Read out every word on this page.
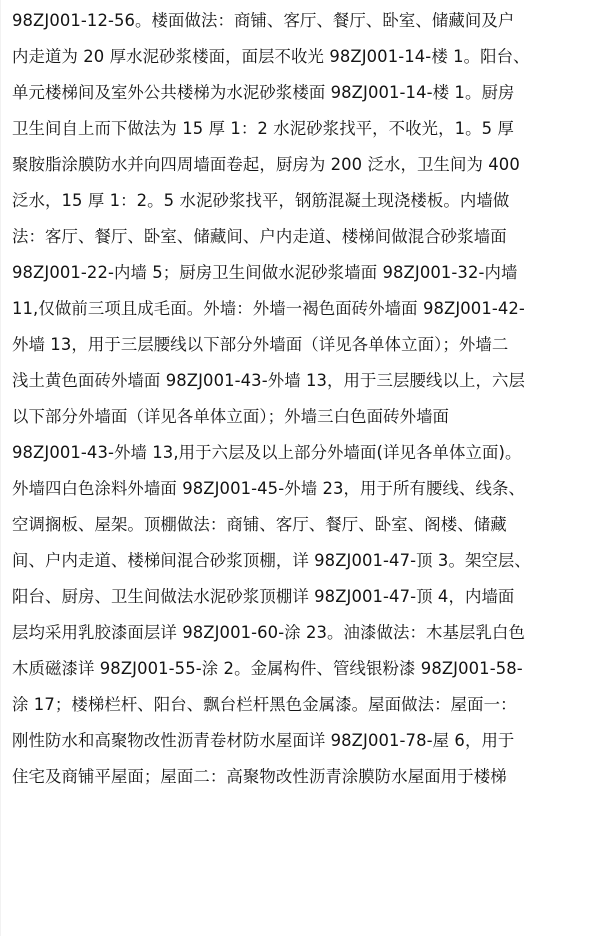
98ZJ001-12-56。楼面做法：商铺、客厅、餐厅、卧室、储藏间及户
内走道为 20 厚水泥砂浆楼面，面层不收光 98ZJ001-14-楼 1。阳台、
单元楼梯间及室外公共楼梯为水泥砂浆楼面 98ZJ001-14-楼 1。厨房
卫生间自上而下做法为 15 厚 1：2 水泥砂浆找平，不收光，1。5 厚
聚胺脂涂膜防水并向四周墙面卷起，厨房为 200 泛水，卫生间为 400
泛水，15 厚 1：2。5 水泥砂浆找平，钢筋混凝土现浇楼板。内墙做
法：客厅、餐厅、卧室、储藏间、户内走道、楼梯间做混合砂浆墙面
98ZJ001-22-内墙 5；厨房卫生间做水泥砂浆墙面 98ZJ001-32-内墙
11,仅做前三项且成毛面。外墙：外墙一褐色面砖外墙面 98ZJ001-42-
外墙 13，用于三层腰线以下部分外墙面（详见各单体立面）；外墙二
浅土黄色面砖外墙面 98ZJ001-43-外墙 13，用于三层腰线以上，六层
以下部分外墙面（详见各单体立面）；外墙三白色面砖外墙面
98ZJ001-43-外墙 13,用于六层及以上部分外墙面(详见各单体立面)。
外墙四白色涂料外墙面 98ZJ001-45-外墙 23，用于所有腰线、线条、
空调搁板、屋架。顶棚做法：商铺、客厅、餐厅、卧室、阁楼、储藏
间、户内走道、楼梯间混合砂浆顶棚，详 98ZJ001-47-顶 3。架空层、
阳台、厨房、卫生间做法水泥砂浆顶棚详 98ZJ001-47-顶 4，内墙面
层均采用乳胶漆面层详 98ZJ001-60-涂 23。油漆做法：木基层乳白色
木质磁漆详 98ZJ001-55-涂 2。金属构件、管线银粉漆 98ZJ001-58-
涂 17；楼梯栏杆、阳台、飘台栏杆黑色金属漆。屋面做法：屋面一：
刚性防水和高聚物改性沥青卷材防水屋面详 98ZJ001-78-屋 6，用于
住宅及商铺平屋面；屋面二：高聚物改性沥青涂膜防水屋面用于楼梯
